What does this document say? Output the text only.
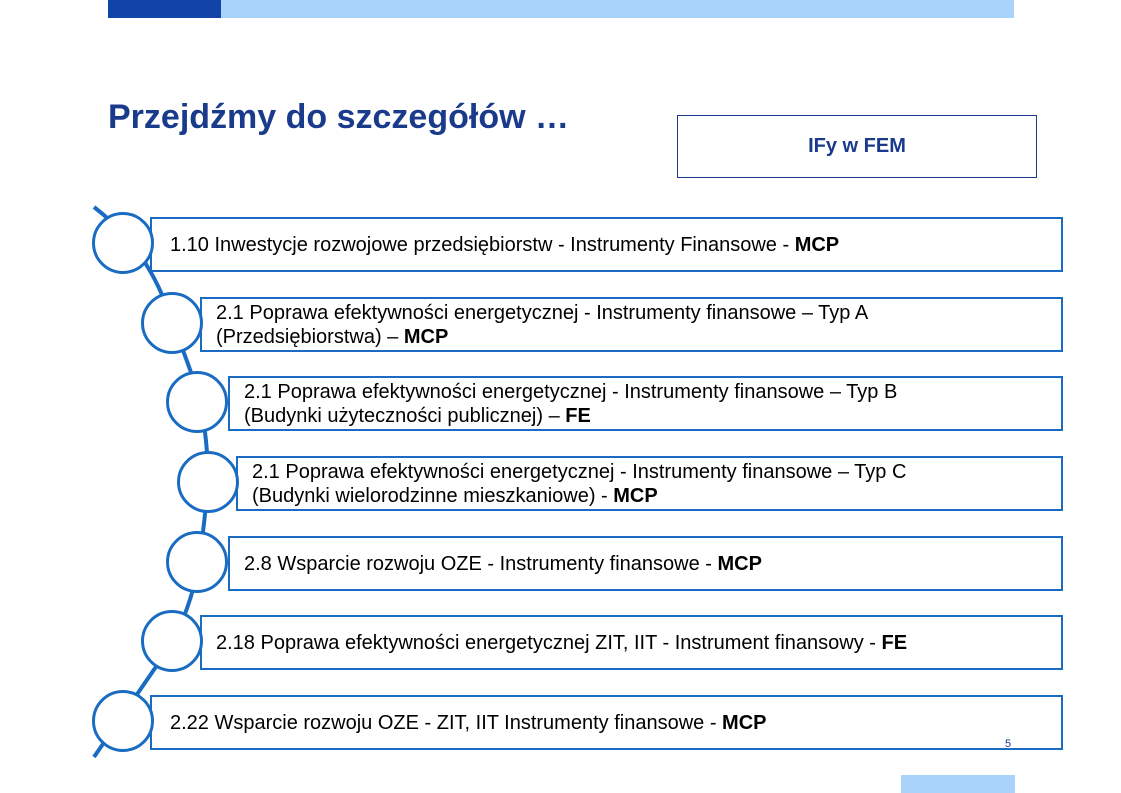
Przejdźmy do szczegółów …
IFy w FEM
1.10 Inwestycje rozwojowe przedsiębiorstw - Instrumenty Finansowe - MCP
2.1 Poprawa efektywności energetycznej - Instrumenty finansowe – Typ A
(Przedsiębiorstwa) – MCP
2.1 Poprawa efektywności energetycznej - Instrumenty finansowe – Typ B
(Budynki użyteczności publicznej) – FE
2.1 Poprawa efektywności energetycznej - Instrumenty finansowe – Typ C
(Budynki wielorodzinne mieszkaniowe) - MCP
2.8 Wsparcie rozwoju OZE - Instrumenty finansowe - MCP
2.18 Poprawa efektywności energetycznej ZIT, IIT - Instrument finansowy - FE
2.22 Wsparcie rozwoju OZE - ZIT, IIT Instrumenty finansowe - MCP
5
